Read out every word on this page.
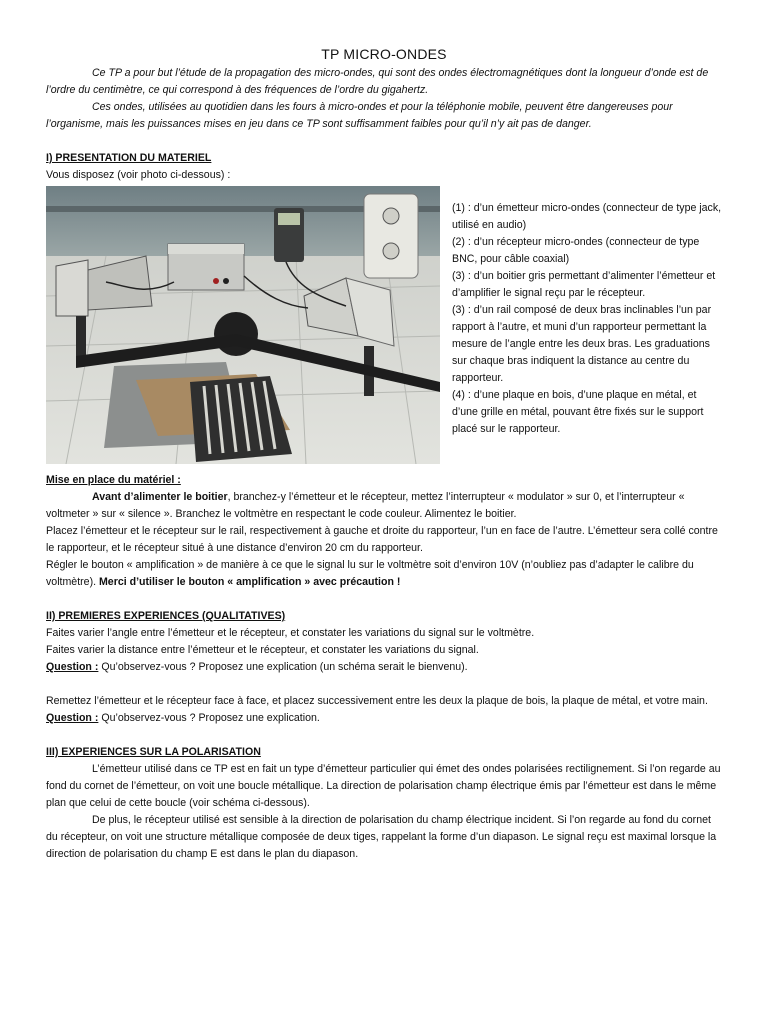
TP MICRO-ONDES

Ce TP a pour but l’étude de la propagation des micro-ondes, qui sont des ondes électromagnétiques dont la longueur d’onde est de l’ordre du centimètre, ce qui correspond à des fréquences de l’ordre du gigahertz.

Ces ondes, utilisées au quotidien dans les fours à micro-ondes et pour la téléphonie mobile, peuvent être dangereuses pour l’organisme, mais les puissances mises en jeu dans ce TP sont suffisamment faibles pour qu’il n’y ait pas de danger.

I) PRESENTATION DU MATERIEL

Vous disposez (voir photo ci-dessous) :

(1) : d’un émetteur micro-ondes (connecteur de type jack, utilisé en audio)

(2) : d’un récepteur micro-ondes (connecteur de type BNC, pour câble coaxial)

(3) : d’un boitier gris permettant d’alimenter l’émetteur et d’amplifier le signal reçu par le récepteur.

(3) : d’un rail composé de deux bras inclinables l’un par rapport à l’autre, et muni d’un rapporteur permettant la mesure de l’angle entre les deux bras. Les graduations sur chaque bras indiquent la distance au centre du rapporteur.

(4) : d’une plaque en bois, d’une plaque en métal, et d’une grille en métal, pouvant être fixés sur le support placé sur le rapporteur.

Mise en place du matériel :

Avant d’alimenter le boitier, branchez-y l’émetteur et le récepteur, mettez l’interrupteur « modulator » sur 0, et l’interrupteur « voltmeter » sur « silence ». Branchez le voltmètre en respectant le code couleur. Alimentez le boitier.

Placez l’émetteur et le récepteur sur le rail, respectivement à gauche et droite du rapporteur, l’un en face de l’autre. L’émetteur sera collé contre le rapporteur, et le récepteur situé à une distance d’environ 20 cm du rapporteur.

Régler le bouton « amplification » de manière à ce que le signal lu sur le voltmètre soit d’environ 10V (n’oubliez pas d’adapter le calibre du voltmètre). Merci d’utiliser le bouton « amplification » avec précaution !

II) PREMIERES EXPERIENCES (QUALITATIVES)

Faites varier l’angle entre l’émetteur et le récepteur, et constater les variations du signal sur le voltmètre.

Faites varier la distance entre l’émetteur et le récepteur, et constater les variations du signal.

Question : Qu’observez-vous ? Proposez une explication (un schéma serait le bienvenu).

Remettez l’émetteur et le récepteur face à face, et placez successivement entre les deux la plaque de bois, la plaque de métal, et votre main.

Question : Qu’observez-vous ? Proposez une explication.

III) EXPERIENCES SUR LA POLARISATION

L’émetteur utilisé dans ce TP est en fait un type d’émetteur particulier qui émet des ondes polarisées rectilignement. Si l’on regarde au fond du cornet de l’émetteur, on voit une boucle métallique. La direction de polarisation champ électrique émis par l’émetteur est dans le même plan que celui de cette boucle (voir schéma ci-dessous).

De plus, le récepteur utilisé est sensible à la direction de polarisation du champ électrique incident. Si l’on regarde au fond du cornet du récepteur, on voit une structure métallique composée de deux tiges, rappelant la forme d’un diapason. Le signal reçu est maximal lorsque la direction de polarisation du champ E est dans le plan du diapason.
